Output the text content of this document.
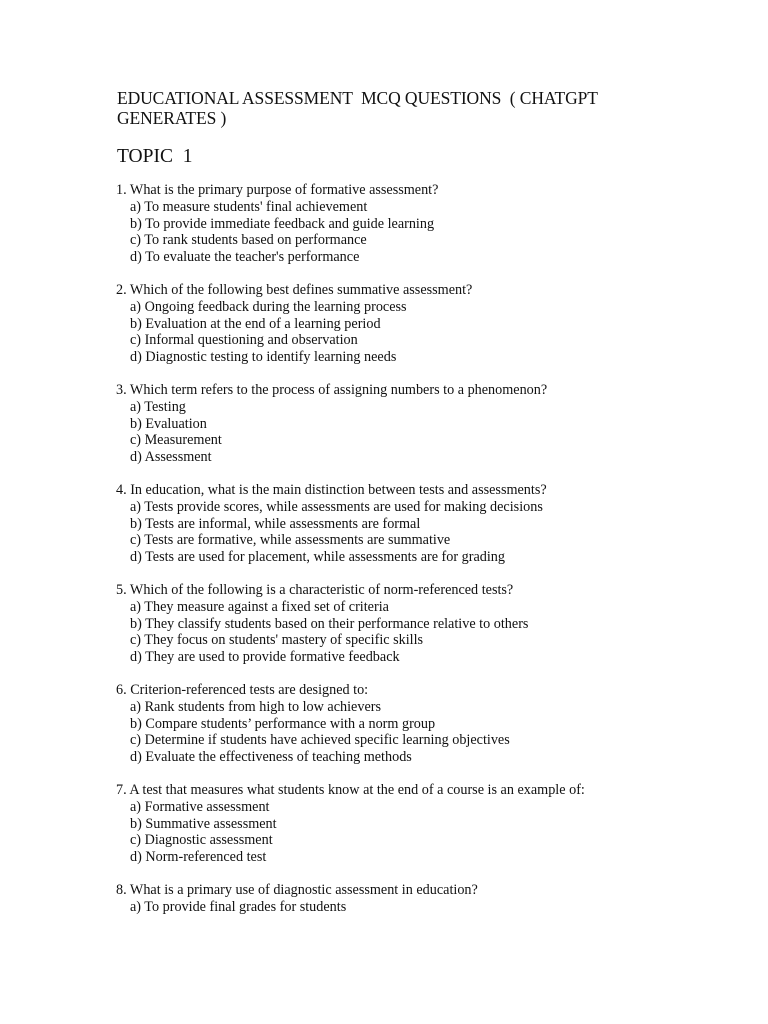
EDUCATIONAL ASSESSMENT  MCQ QUESTIONS  ( CHATGPT GENERATES )
TOPIC  1
1. What is the primary purpose of formative assessment?
a) To measure students' final achievement
b) To provide immediate feedback and guide learning
c) To rank students based on performance
d) To evaluate the teacher's performance
2. Which of the following best defines summative assessment?
a) Ongoing feedback during the learning process
b) Evaluation at the end of a learning period
c) Informal questioning and observation
d) Diagnostic testing to identify learning needs
3. Which term refers to the process of assigning numbers to a phenomenon?
a) Testing
b) Evaluation
c) Measurement
d) Assessment
4. In education, what is the main distinction between tests and assessments?
a) Tests provide scores, while assessments are used for making decisions
b) Tests are informal, while assessments are formal
c) Tests are formative, while assessments are summative
d) Tests are used for placement, while assessments are for grading
5. Which of the following is a characteristic of norm-referenced tests?
a) They measure against a fixed set of criteria
b) They classify students based on their performance relative to others
c) They focus on students' mastery of specific skills
d) They are used to provide formative feedback
6. Criterion-referenced tests are designed to:
a) Rank students from high to low achievers
b) Compare students’ performance with a norm group
c) Determine if students have achieved specific learning objectives
d) Evaluate the effectiveness of teaching methods
7. A test that measures what students know at the end of a course is an example of:
a) Formative assessment
b) Summative assessment
c) Diagnostic assessment
d) Norm-referenced test
8. What is a primary use of diagnostic assessment in education?
a) To provide final grades for students
